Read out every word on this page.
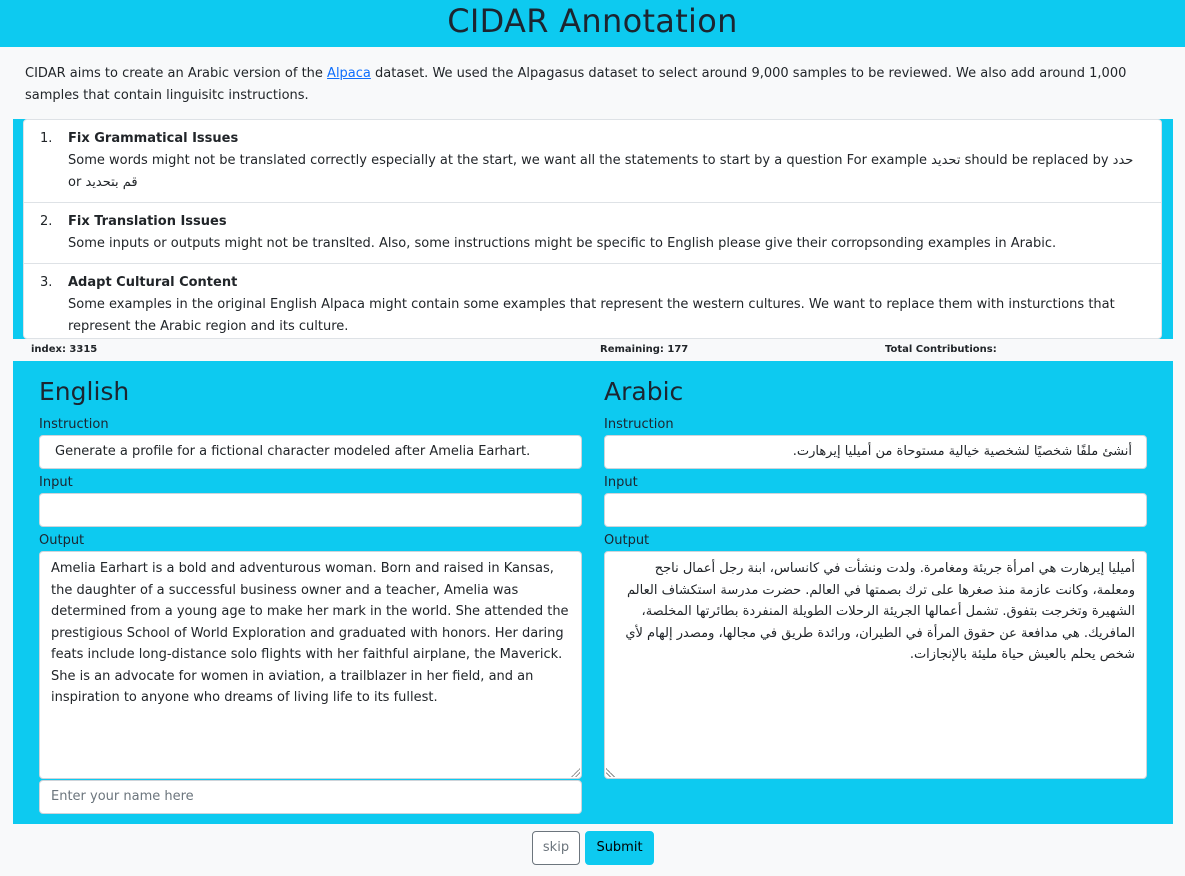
CIDAR Annotation

CIDAR aims to create an Arabic version of the Alpaca dataset. We used the Alpagasus dataset to select around 9,000 samples to be reviewed. We also add around 1,000 samples that contain linguisitc instructions.

1. Fix Grammatical Issues
Some words might not be translated correctly especially at the start, we want all the statements to start by a question For example تحديد should be replaced by حدد or قم بتحديد
2. Fix Translation Issues
Some inputs or outputs might not be translted. Also, some instructions might be specific to English please give their corropsonding examples in Arabic.
3. Adapt Cultural Content
Some examples in the original English Alpaca might contain some examples that represent the western cultures. We want to replace them with insturctions that represent the Arabic region and its culture.
index: 3315	Remaining: 177	Total Contributions:
English
Instruction
Generate a profile for a fictional character modeled after Amelia Earhart.
Input
Output
Amelia Earhart is a bold and adventurous woman. Born and raised in Kansas, the daughter of a successful business owner and a teacher, Amelia was determined from a young age to make her mark in the world. She attended the prestigious School of World Exploration and graduated with honors. Her daring feats include long-distance solo flights with her faithful airplane, the Maverick. She is an advocate for women in aviation, a trailblazer in her field, and an inspiration to anyone who dreams of living life to its fullest.
Enter your name here
Arabic
Instruction
أنشئ ملفًا شخصيًا لشخصية خيالية مستوحاة من أميليا إيرهارت.
Input
Output
أميليا إيرهارت هي امرأة جريئة ومغامرة. ولدت ونشأت في كانساس، ابنة رجل أعمال ناجح ومعلمة، وكانت عازمة منذ صغرها على ترك بصمتها في العالم. حضرت مدرسة استكشاف العالم الشهيرة وتخرجت بتفوق. تشمل أعمالها الجريئة الرحلات الطويلة المنفردة بطائرتها المخلصة، المافريك. هي مدافعة عن حقوق المرأة في الطيران، ورائدة طريق في مجالها، ومصدر إلهام لأي شخص يحلم بالعيش حياة مليئة بالإنجازات.
skip	Submit
